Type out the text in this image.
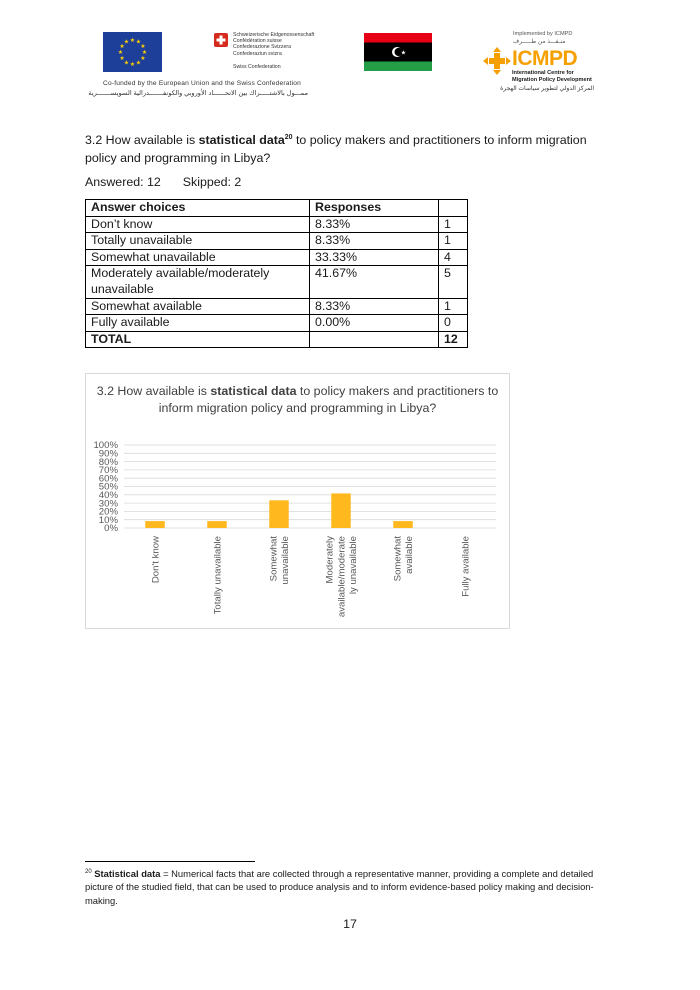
★ ★
★
★
★
★
★
★
★
★
★
★
Schweizerische Eidgenossenschaft
Confédération suisse
Confederazione Svizzera
Confederaziun svizra
Swiss Confederation
Co-funded by the European Union and the Swiss Confederation
ممـــول بالاشتـــــراك بين الاتحــــــاد الأوروبي والكونفـــــــدرالية السويســـــــرية
★
Implemented by ICMPD
منـفـــذ من طـــــرف
ICMPD
International Centre for
Migration Policy Development
المركز الدولي لتطوير سياسات الهجرة
3.2 How available is statistical data$^{20}$ to policy makers and practitioners to inform migration policy and programming in Libya?
Answered: 12 Skipped: 2
Answer choices	Responses	
Don’t know	8.33%	1
Totally unavailable	8.33%	1
Somewhat unavailable	33.33%	4
Moderately available/moderately unavailable	41.67%	5
Somewhat available	8.33%	1
Fully available	0.00%	0
TOTAL		12
3.2 How available is statistical data to policy makers and practitioners to inform migration policy and programming in Libya?
0%
10%
20%
30%
40%
50%
60%
70%
80%
90%
100%
Don't know	Totally unavailable	Somewhatunavailable	Moderatelyavailable/moderately unavailable	Somewhatavailable	Fully available
$^{20}$ Statistical data = Numerical facts that are collected through a representative manner, providing a complete and detailed picture of the studied field, that can be used to produce analysis and to inform evidence-based policy making and decision-making.
17
